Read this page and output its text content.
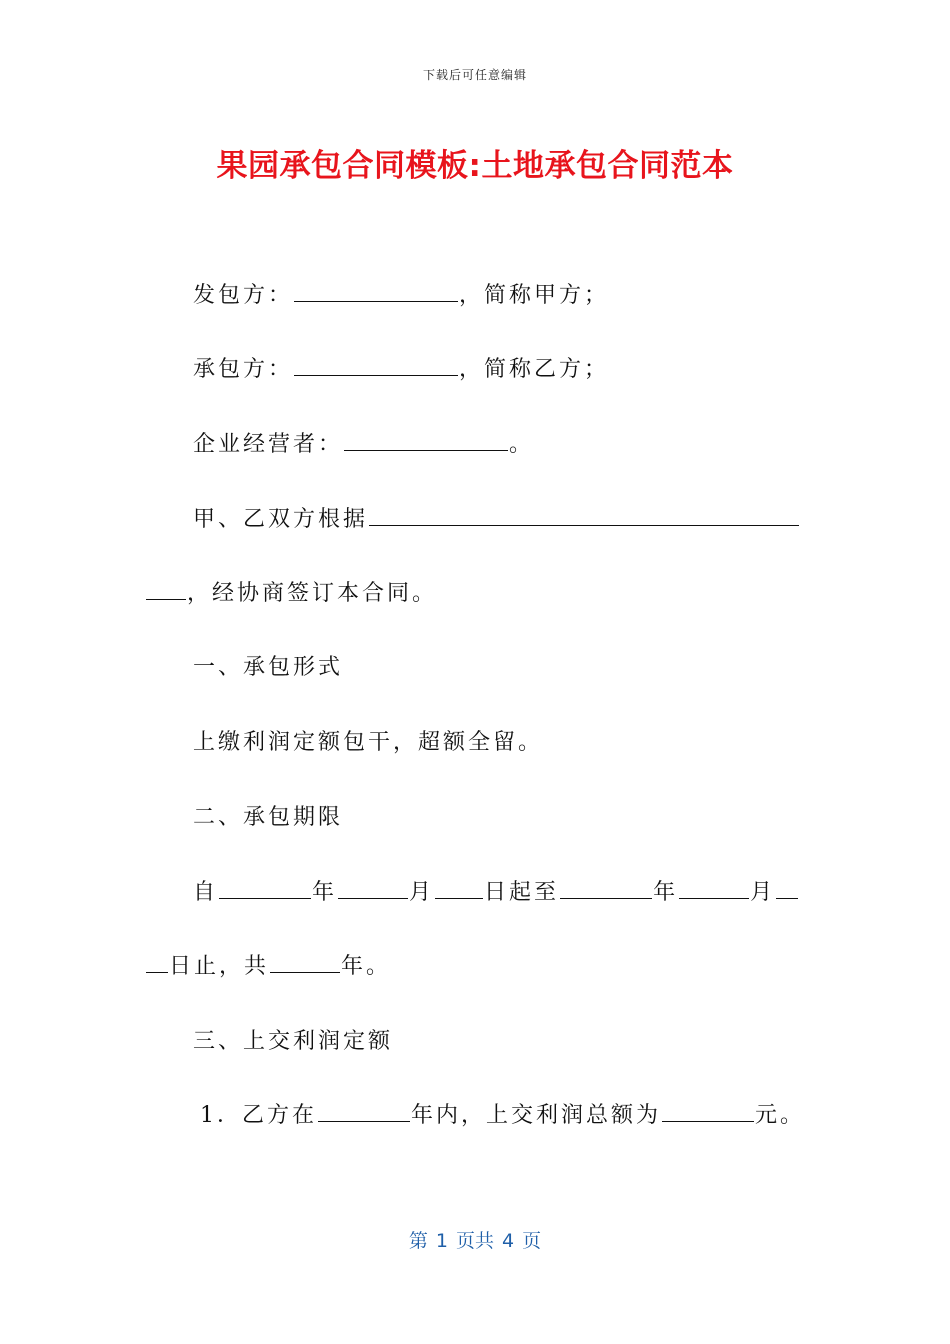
下载后可任意编辑
果园承包合同模板:土地承包合同范本
发包方：	，简称甲方；
承包方：	，简称乙方；
企业经营者：	。
甲、乙双方根据
，经协商签订本合同。
一、承包形式
上缴利润定额包干，超额全留。
二、承包期限
自	年	月 日起至	年	月
日止，共	年。
三、上交利润定额
1．乙方在	年内，上交利润总额为	元。
第 1 页共 4 页
